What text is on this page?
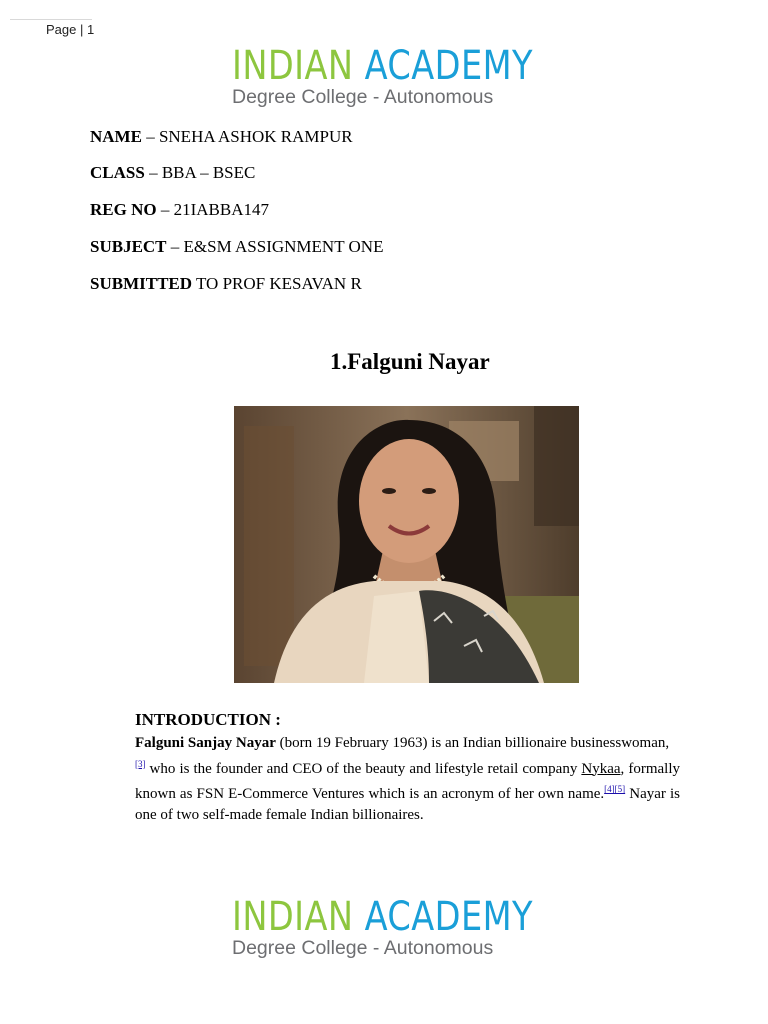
Page | 1
INDIAN ACADEMY
Degree College - Autonomous
NAME – SNEHA ASHOK RAMPUR
CLASS – BBA – BSEC
REG NO – 21IABBA147
SUBJECT – E&SM ASSIGNMENT ONE
SUBMITTED TO PROF KESAVAN R
1.Falguni Nayar
INTRODUCTION :
Falguni Sanjay Nayar (born 19 February 1963) is an Indian billionaire businesswoman,
[3] who is the founder and CEO of the beauty and lifestyle retail company Nykaa, formally known as FSN E-Commerce Ventures which is an acronym of her own name.[4][5] Nayar is one of two self-made female Indian billionaires.
INDIAN ACADEMY
Degree College - Autonomous
